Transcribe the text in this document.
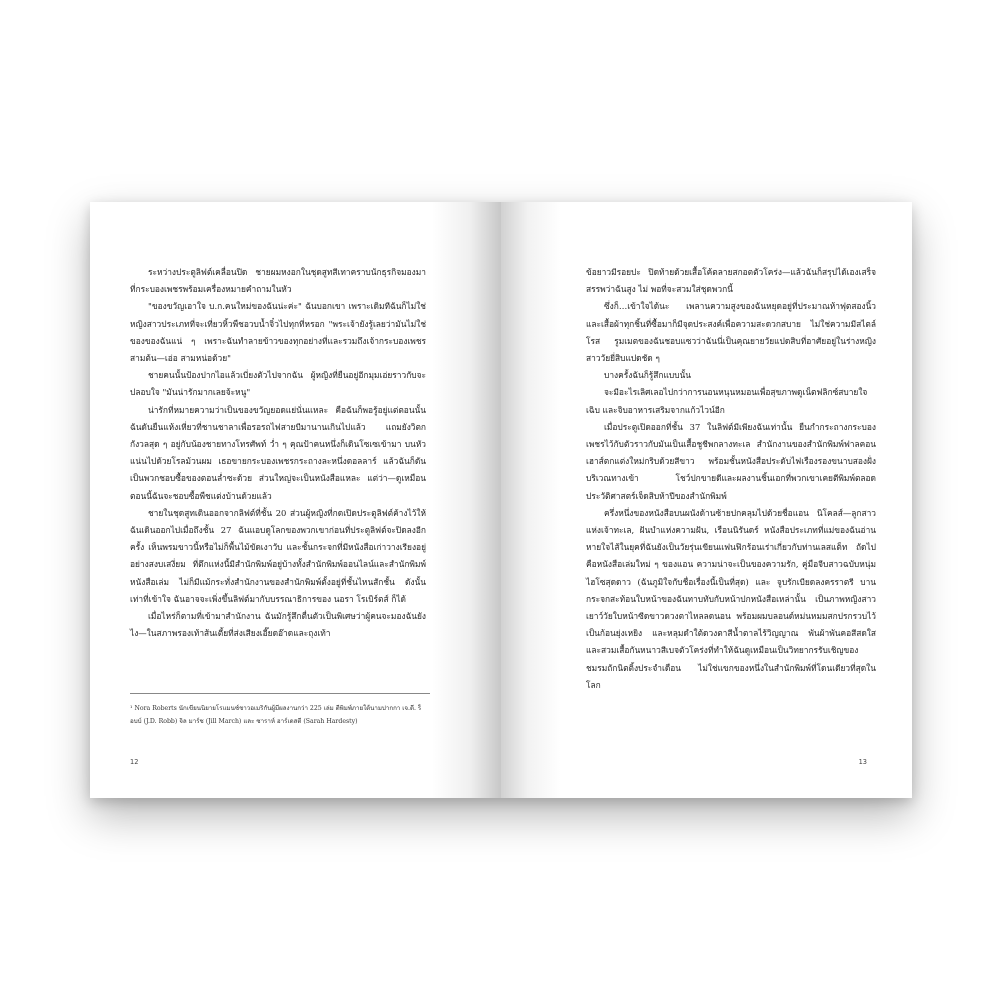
ระหว่างประตูลิฟต์เคลื่อนปิด ชายผมหงอกในชุดสูทสีเทาคราบนักธุรกิจมองมาที่กระบองเพชรพร้อมเครื่องหมายคำถามในหัว

"ของขวัญเอาใจ บ.ก.คนใหม่ของฉันน่ะค่ะ" ฉันบอกเขา เพราะเดิมทีฉันก็ไม่ใช่หญิงสาวประเภทที่จะเที่ยวหิ้วพืชอวบน้ำจิ๋วไปทุกที่หรอก "พระเจ้ายังรู้เลยว่ามันไม่ใช่ของของฉันแน่ ๆ เพราะฉันทำลายข้าวของทุกอย่างที่และรวมถึงเจ้ากระบองเพชรสามต้น—เอ่อ สามหน่อด้วย"

ชายคนนั้นป้องปากไอแล้วเบี่ยงตัวไปจากฉัน ผู้หญิงที่ยืนอยู่อีกมุมเอ่ยราวกับจะปลอบใจ "มันน่ารักมากเลยจ้ะหนู"

น่ารักที่หมายความว่าเป็นของขวัญยอดแย่นั่นแหละ คือฉันก็พอรู้อยู่แต่ตอนนั้นฉันดันยืนแห้งเหี่ยวที่ชานชาลาเพื่อรอรถไฟสายบีมานานเกินไปแล้ว แถมยังวิตกกังวลสุด ๆ อยู่กับน้องชายทางโทรศัพท์ ว่ำ ๆ คุณป้าคนหนึ่งก็เดินโซเซเข้ามา บนหัวแน่นไปด้วยโรลม้วนผม เธอขายกระบองเพชรกระถางละหนึ่งดอลลาร์ แล้วฉันก็ดันเป็นพวกชอบซื้อของตอนล่ำซะด้วย ส่วนใหญ่จะเป็นหนังสือแหละ แต่ว่า—ดูเหมือนตอนนี้ฉันจะชอบซื้อพืชแต่งบ้านด้วยแล้ว

ชายในชุดสูทเดินออกจากลิฟต์ที่ชั้น 20 ส่วนผู้หญิงที่กดเปิดประตูลิฟต์ค้างไว้ให้ฉันเดินออกไปเมื่อถึงชั้น 27 ฉันแอบดูโลกของพวกเขาก่อนที่ประตูลิฟต์จะปิดลงอีกครั้ง เห็นพรมขาวนี้หรือไม่ก็พื้นไม้ขัดเงาวับ และชั้นกระจกที่มีหนังสือเก่าวางเรียงอยู่อย่างสงบเสงี่ยม ที่ตึกแห่งนี้มีสำนักพิมพ์อยู่บ้างทั้งสำนักพิมพ์ออนไลน์และสำนักพิมพ์หนังสือเล่ม ไม่ก็มีแม้กระทั่งสำนักงานของสำนักพิมพ์ตั้งอยู่ที่ชั้นไหนสักชั้น ดังนั้น เท่าที่เข้าใจ ฉันอาจจะเพิ่งขึ้นลิฟต์มากับบรรณาธิการของ นอรา โรเบิร์ตส์ ก็ได้

เมื่อไหร่ก็ตามที่เข้ามาสำนักงาน ฉันมักรู้สึกตื่นตัวเป็นพิเศษว่าผู้คนจะมองฉันยังไง—ในสภาพรองเท้าส้นเตี้ยที่ส่งเสียงเอี๊ยดอ๊าดและถุงเท้า

¹ Nora Roberts นักเขียนนิยายโรแมนซ์ชาวอเมริกันผู้มีผลงานกว่า 225 เล่ม ตีพิมพ์ภายใต้นามปากกา เจ.ดี. ร็อบบ์ (J.D. Robb) จิล มาร์ช (Jill March) และ ซาราห์ ฮาร์เดสตี (Sarah Hardesty)
12

ข้อยาวมีรอยปะ ปิดท้ายด้วยเสื้อโค้ตลายสกอตตัวโคร่ง—แล้วฉันก็สรุปได้เองเสร็จสรรพว่าฉันสูง ไม่ พอที่จะสวมใส่ชุดพวกนี้

ซึ่งก็…เข้าใจได้นะ เพลานความสูงของฉันหยุดอยู่ที่ประมาณห้าฟุตสองนิ้ว และเสื้อผ้าทุกชิ้นที่ซื้อมาก็มีจุดประสงค์เพื่อความสะดวกสบาย ไม่ใช่ความมีสไตล์ โรส รูมเมตของฉันชอบแซวว่าฉันนี่เป็นคุณยายวัยแปดสิบที่อาศัยอยู่ในร่างหญิงสาววัยยี่สิบแปดชัด ๆ

บางครั้งฉันก็รู้สึกแบบนั้น

จะมีอะไรเลิศเลอไปกว่าการนอนหนุนหมอนเพื่อสุขภาพดูเน็ตฟลิกซ์สบายใจเฉิบ และจิบอาหารเสริมจากแก้วไวน์อีก

เมื่อประตูเปิดออกที่ชั้น 37 ในลิฟต์มีเพียงฉันเท่านั้น ยืนกำกระถางกระบองเพชรไว้กับตัวราวกับมันเป็นเสื้อชูชีพกลางทะเล สำนักงานของสำนักพิมพ์ฟาลคอนเฮาส์ตกแต่งใหม่กริบด้วยสีขาว พร้อมชั้นหนังสือประดับไฟเรืองรองขนาบสองฝั่งบริเวณทางเข้า โชว์ปกขายดีและผลงานชิ้นเอกที่พวกเขาเคยตีพิมพ์ตลอดประวัติศาสตร์เจ็ดสิบห้าปีของสำนักพิมพ์

ครึ่งหนึ่งของหนังสือบนผนังด้านซ้ายปกคลุมไปด้วยชื่อแอน นิโคลส์—ลูกสาวแห่งเจ้าทะเล, ฝันบำแห่งความฝัน, เรือนนิรันดร์ หนังสือประเภทที่แม่ของฉันอ่านหายใจไส้ในยุคที่ฉันยังเป็นวัยรุ่นเขียนแฟนฟิกร้อนเร่าเกี่ยวกับท่านเลสแต็ท ถัดไปคือหนังสือเล่มใหม่ ๆ ของแอน ความน่าจะเป็นของความรัก, คู่มือจีบสาวฉบับหนุ่มไฮโซสุดดาว (ฉันภูมิใจกับชื่อเรื่องนี้เป็นที่สุด) และ จูบรักเบียดลงครราตรี บานกระจกสะท้อนใบหน้าของฉันทาบทับกับหน้าปกหนังสือเหล่านั้น เป็นภาพหญิงสาวเยาว์วัยใบหน้าซีดขาวดวงตาไหลลดนอน พร้อมผมบลอนด์หม่นหมมสกปรกรวบไว้เป็นก้อนยุ่งเหยิง และหลุมดำใต้ดวงตาสีน้ำตาลไร้วิญญาณ พันผ้าพันคอสีสดใสและสวมเสื้อกันหนาวสีเบจตัวโคร่งที่ทำให้ฉันดูเหมือนเป็นวิทยากรรับเชิญของชมรมถักนิตติ้งประจำเดือน ไม่ใช่แขกของหนึ่งในสำนักพิมพ์ที่โดนเดียวที่สุดในโลก

13
